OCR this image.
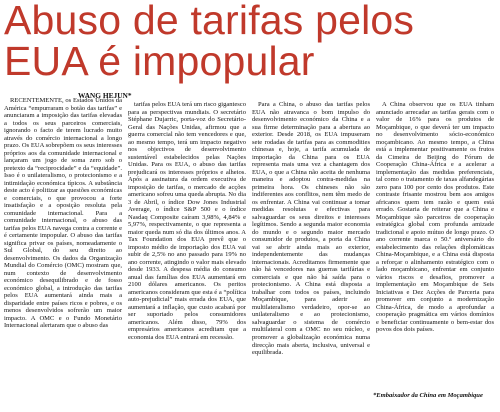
Abuso de tarifas pelos
EUA é impopular
WANG HEJUN*

RECENTEMENTE, os Estados Unidos da América “empurraram o botão das tarifas” e anunciaram a imposição das tarifas elevadas a todos os seus parceiros comerciais, ignorando o facto de terem lucrado muito através do comércio internacional a longo prazo. Os EUA sobrepõem os seus interesses próprios aos da comunidade internacional e lançaram um jogo de soma zero sob o pretexto da “reciprocidade” e da “equidade”. Isso é o unilateralismo, o protecionismo e a intimidação económica típicos. A substância deste acto é politizar as questões económicas e comerciais, o que provocou a forte insatisfação e a oposição resoluta pela comunidade internacional. Para a comunidade internacional, o abuso das tarifas pelos EUA navega contra a corrente e é certamente impopular. O abuso das tarifas significa privar os países, nomeadamente o Sul Global, do seu direito ao desenvolvimento. Os dados da Organização Mundial do Comércio (OMC) mostram que, num contexto de desenvolvimento económico desequilibrado e de fosso económico global, a introdução das tarifas pelos EUA aumentará ainda mais a disparidade entre países ricos e pobres, e os menos desenvolvidos sofrerão um maior impacto. A OMC e o Fundo Monetário Internacional alertaram que o abuso das

tarifas pelos EUA terá um risco gigantesco para as perspectivas mundiais. O secretário Stéphane Dujarric, porta-voz do Secretário-Geral das Nações Unidas, afirmou que a guerra comercial não tem vencedores e que, ao mesmo tempo, terá um impacto negativo nos objectivos de desenvolvimento sustentável estabelecidos pelas Nações Unidas. Para os EUA, o abuso das tarifas prejudicará os interesses próprios e alheios. Após a assinatura da ordem executiva de imposição de tarifas, o mercado de acções americano sofreu uma queda abrupta. No dia 3 de Abril, o índice Dow Jones Industrial Average, o índice S&P 500 e o índice Nasdaq Composite caíram 3,98%, 4,84% e 5,97%, respectivamente, o que representa a maior queda num só dia dos últimos anos. A Tax Foundation dos EUA prevê que o imposto médio de importação dos EUA vai subir de 2,5% no ano passado para 19% no ano corrente, atingindo o valor mais elevado desde 1933. A despesa média do consumo anual das famílias dos EUA aumentará em 2100 dólares americanos. Os peritos americanos consideram que esta é a “política auto-prejudicial” mais errada dos EUA, que aumentará a inflação, que custo acabará por ser suportado pelos consumidores americanos. Além disso, 79% dos empresários americanos acreditam que a economia dos EUA entrará em recessão.

Para a China, o abuso das tarifas pelos EUA não atravanca o bom impulso do desenvolvimento económico da China e a sua firme determinação para a abertura ao exterior. Desde 2018, os EUA impuseram sete rodadas de tarifas para as commodities chinesas e, hoje, a tarifa acumulada de importação da China para os EUA representa mais uma vez a chantagem dos EUA, o que a China não aceita de nenhuma maneira e adoptou contra-medidas na primeira hora. Os chineses não são indiferentes aos conflitos, nem têm medo de os enfrentar. A China vai continuar a tomar medidas resolutas e efectivas para salvaguardar os seus direitos e interesses legítimos. Sendo a segunda maior economia do mundo e o segundo maior mercado consumidor de produtos, a porta da China vai se abrir ainda mais ao exterior, independentemente das mudanças internacionais. Acreditamos firmemente que não há vencedores nas guerras tarifárias e comerciais e que não há saída para o protecionismo. A China está disposta a trabalhar com todos os países, incluindo Moçambique, para aderir ao multilateralismo verdadeiro, opor-se ao unilateralismo e ao protecionismo, salvaguardar o sistema de comércio multilateral com a OMC no seu núcleo, e promover a globalização económica numa direcção mais aberta, inclusiva, universal e equilibrada.

A China observou que os EUA tinham anunciado arrecadar as tarifas gerais com o valor de 16% para os produtos de Moçambique, o que deverá ter um impacto no desenvolvimento sócio-económico moçambicano. Ao mesmo tempo, a China está a implementar positivamente os frutos da Cimeira de Beijing do Fórum de Cooperação China-África e a acelerar a implementação das medidas preferenciais, tal como o tratamento de taxas alfandegárias zero para 100 por cento dos produtos. Este contraste frisante mostrou bem aos amigos africanos quem tem razão e quem está errado. Gostaria de reiterar que a China e Moçambique são parceiros de cooperação estratégica global com profunda amizade tradicional e apoio mútuo de longo prazo. O ano corrente marca o 50.º aniversário do estabelecimento das relações diplomáticas China-Moçambique, e a China está disposta a reforçar o alinhamento estratégico com o lado moçambicano, enfrentar em conjunto vários riscos e desafios, promover a implementação em Moçambique de Seis Iniciativas e Dez Acções de Parceria para promover em conjunto a modernização China-África, de modo a aprofundar a cooperação pragmática em vários domínios e beneficiar continuamente o bem-estar dos povos dos dois países.

*Embaixador da China em Moçambique
